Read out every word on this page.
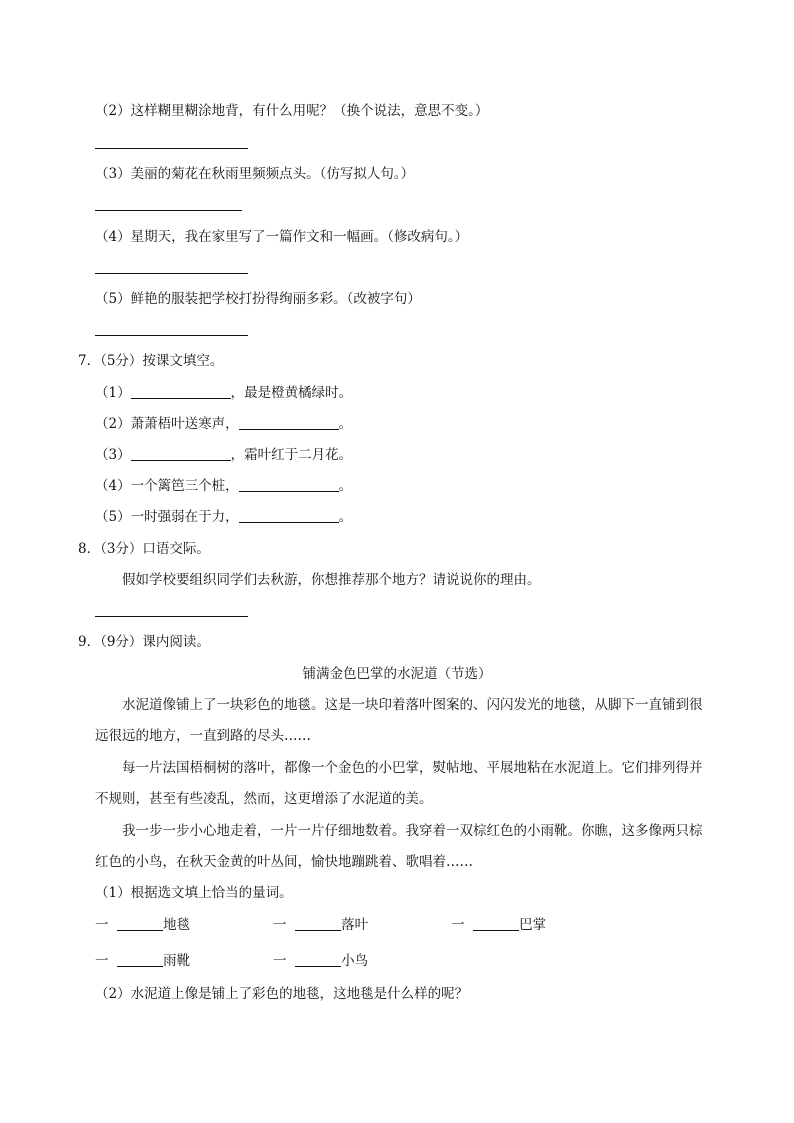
（2）这样糊里糊涂地背，有什么用呢？（换个说法，意思不变。）
（3）美丽的菊花在秋雨里频频点头。（仿写拟人句。）
（4）星期天，我在家里写了一篇作文和一幅画。（修改病句。）
（5）鲜艳的服装把学校打扮得绚丽多彩。（改被字句）
7．（5分）按课文填空。
（1）	，最是橙黄橘绿时。
（2）萧萧梧叶送寒声，	。
（3）	，霜叶红于二月花。
（4）一个篱笆三个桩，	。
（5）一时强弱在于力，	。
8．（3分）口语交际。
假如学校要组织同学们去秋游，你想推荐那个地方？请说说你的理由。
9．（9分）课内阅读。
铺满金色巴掌的水泥道（节选）
水泥道像铺上了一块彩色的地毯。这是一块印着落叶图案的、闪闪发光的地毯，从脚下一直铺到很
远很远的地方，一直到路的尽头……
每一片法国梧桐树的落叶，都像一个金色的小巴掌，熨帖地、平展地粘在水泥道上。它们排列得并
不规则，甚至有些凌乱，然而，这更增添了水泥道的美。
我一步一步小心地走着，一片一片仔细地数着。我穿着一双棕红色的小雨靴。你瞧，这多像两只棕
红色的小鸟，在秋天金黄的叶丛间，愉快地蹦跳着、歌唱着……
（1）根据选文填上恰当的量词。
一	地毯	一	落叶	一	巴掌
一	雨靴	一	小鸟
（2）水泥道上像是铺上了彩色的地毯，这地毯是什么样的呢？
